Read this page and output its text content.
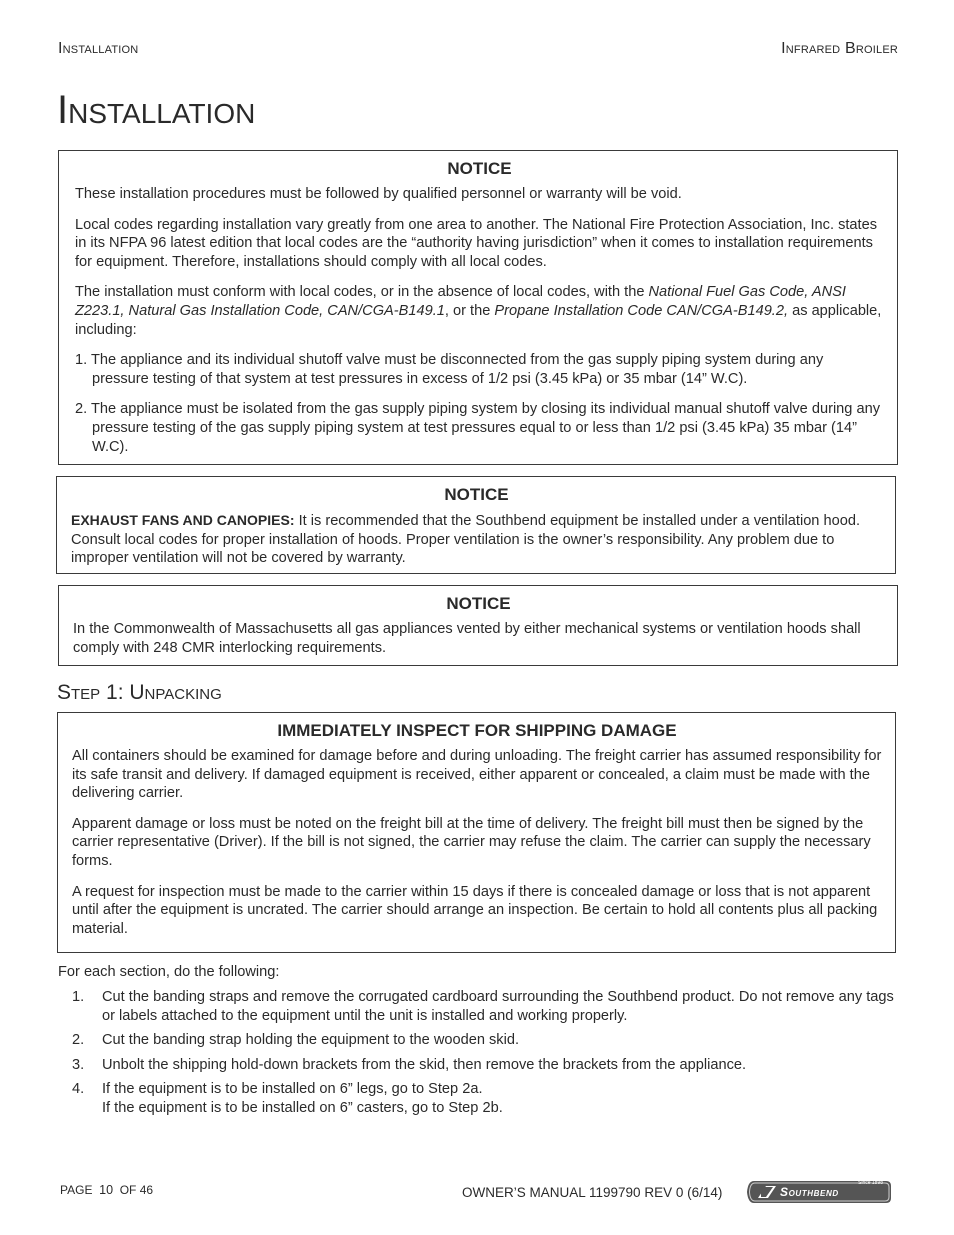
Installation	Infrared Broiler
Installation
NOTICE

These installation procedures must be followed by qualified personnel or warranty will be void.

Local codes regarding installation vary greatly from one area to another. The National Fire Protection Association, Inc. states in its NFPA 96 latest edition that local codes are the “authority having jurisdiction” when it comes to installation requirements for equipment. Therefore, installations should comply with all local codes.

The installation must conform with local codes, or in the absence of local codes, with the National Fuel Gas Code, ANSI Z223.1, Natural Gas Installation Code, CAN/CGA-B149.1, or the Propane Installation Code CAN/CGA-B149.2, as applicable, including:

1. The appliance and its individual shutoff valve must be disconnected from the gas supply piping system during any pressure testing of that system at test pressures in excess of 1/2 psi (3.45 kPa) or 35 mbar (14” W.C).
2. The appliance must be isolated from the gas supply piping system by closing its individual manual shutoff valve during any pressure testing of the gas supply piping system at test pressures equal to or less than 1/2 psi (3.45 kPa) 35 mbar (14” W.C).
NOTICE

EXHAUST FANS AND CANOPIES: It is recommended that the Southbend equipment be installed under a ventilation hood. Consult local codes for proper installation of hoods. Proper ventilation is the owner’s responsibility. Any problem due to improper ventilation will not be covered by warranty.

NOTICE

In the Commonwealth of Massachusetts all gas appliances vented by either mechanical systems or ventilation hoods shall comply with 248 CMR interlocking requirements.

Step 1: Unpacking
IMMEDIATELY INSPECT FOR SHIPPING DAMAGE

All containers should be examined for damage before and during unloading. The freight carrier has assumed responsibility for its safe transit and delivery. If damaged equipment is received, either apparent or concealed, a claim must be made with the delivering carrier.

Apparent damage or loss must be noted on the freight bill at the time of delivery. The freight bill must then be signed by the carrier representative (Driver). If the bill is not signed, the carrier may refuse the claim. The carrier can supply the necessary forms.

A request for inspection must be made to the carrier within 15 days if there is concealed damage or loss that is not apparent until after the equipment is uncrated. The carrier should arrange an inspection. Be certain to hold all contents plus all packing material.

For each section, do the following:
1. Cut the banding straps and remove the corrugated cardboard surrounding the Southbend product. Do not remove any tags or labels attached to the equipment until the unit is installed and working properly.
2. Cut the banding strap holding the equipment to the wooden skid.
3. Unbolt the shipping hold-down brackets from the skid, then remove the brackets from the appliance.
4. If the equipment is to be installed on 6” legs, go to Step 2a.
If the equipment is to be installed on 6” casters, go to Step 2b.
PAGE 10 OF 46	OWNER’S MANUAL 1199790 REV 0 (6/14)	Southbend
Since 1898
